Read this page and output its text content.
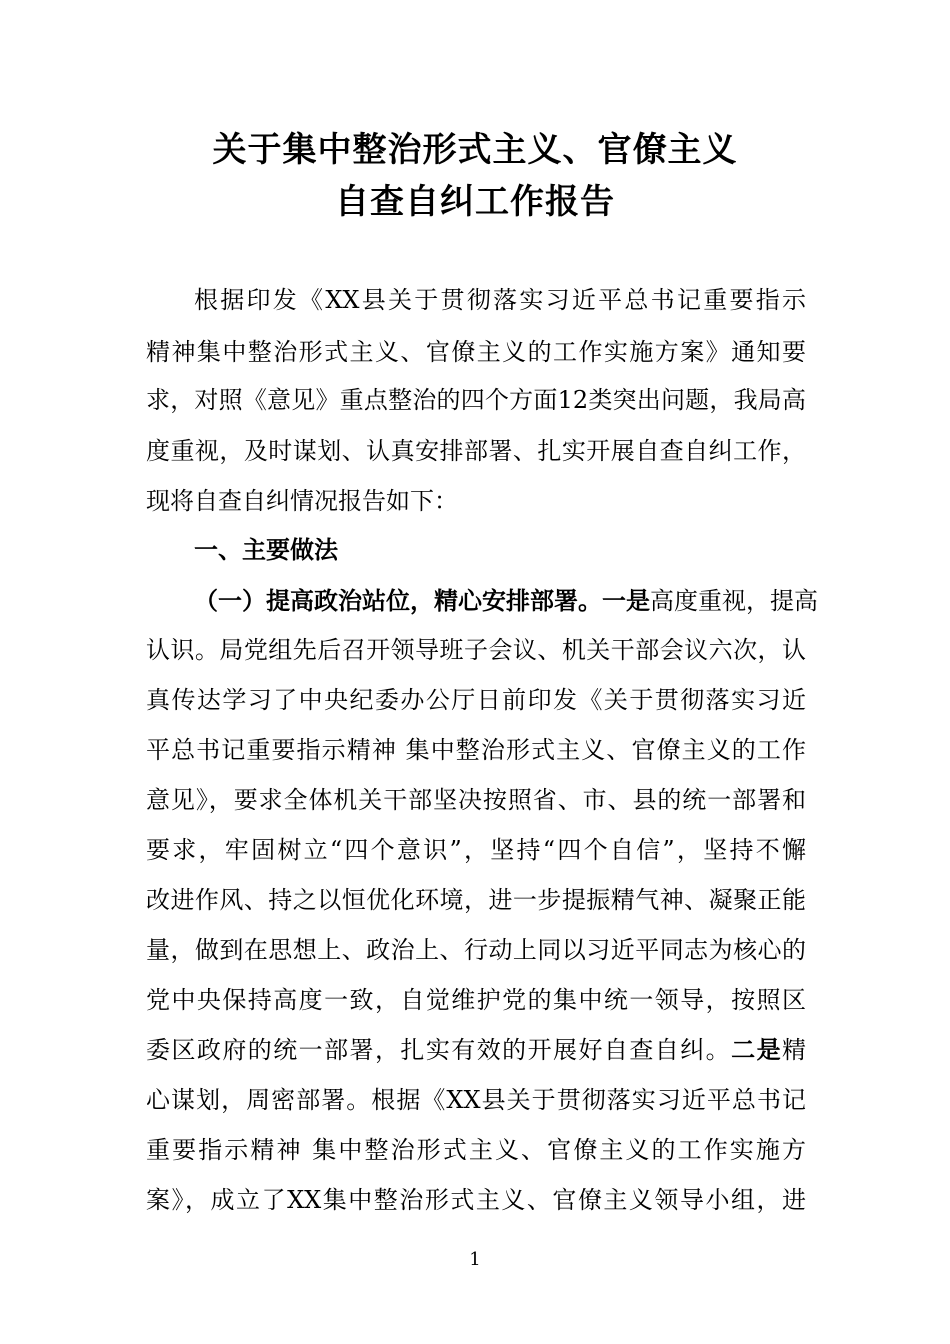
关于集中整治形式主义、官僚主义
自查自纠工作报告
根据印发《XX县关于贯彻落实习近平总书记重要指示
精神集中整治形式主义、官僚主义的工作实施方案》通知要
求，对照《意见》重点整治的四个方面12类突出问题，我局高
度重视，及时谋划、认真安排部署、扎实开展自查自纠工作，
现将自查自纠情况报告如下：
一、主要做法
（一）提高政治站位，精心安排部署。一是高度重视，提高
认识。局党组先后召开领导班子会议、机关干部会议六次，认
真传达学习了中央纪委办公厅日前印发《关于贯彻落实习近
平总书记重要指示精神 集中整治形式主义、官僚主义的工作
意见》，要求全体机关干部坚决按照省、市、县的统一部署和
要求，牢固树立“四个意识”，坚持“四个自信”，坚持不懈
改进作风、持之以恒优化环境，进一步提振精气神、凝聚正能
量，做到在思想上、政治上、行动上同以习近平同志为核心的
党中央保持高度一致，自觉维护党的集中统一领导，按照区
委区政府的统一部署，扎实有效的开展好自查自纠。二是精
心谋划，周密部署。根据《XX县关于贯彻落实习近平总书记
重要指示精神 集中整治形式主义、官僚主义的工作实施方
案》，成立了XX集中整治形式主义、官僚主义领导小组，进
1
